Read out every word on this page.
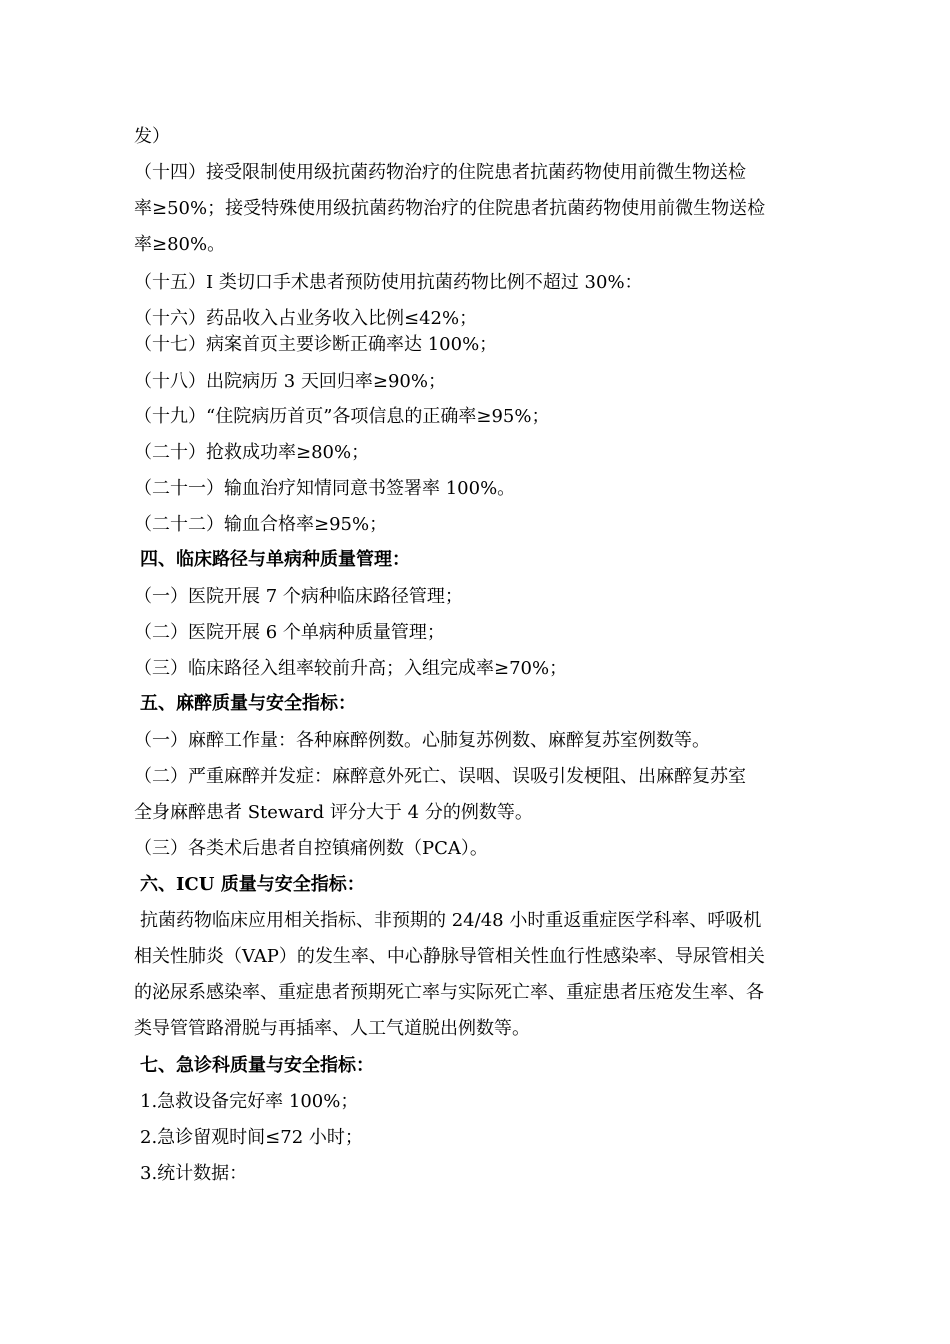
发）
（十四）接受限制使用级抗菌药物治疗的住院患者抗菌药物使用前微生物送检
率≥50%；接受特殊使用级抗菌药物治疗的住院患者抗菌药物使用前微生物送检
率≥80%。
（十五）I 类切口手术患者预防使用抗菌药物比例不超过 30%：
（十六）药品收入占业务收入比例≤42%；
（十七）病案首页主要诊断正确率达 100%；
（十八）出院病历 3 天回归率≥90%；
（十九）“住院病历首页”各项信息的正确率≥95%；
（二十）抢救成功率≥80%；
（二十一）输血治疗知情同意书签署率 100%。
（二十二）输血合格率≥95%；
四、临床路径与单病种质量管理：
（一）医院开展 7 个病种临床路径管理；
（二）医院开展 6 个单病种质量管理；
（三）临床路径入组率较前升高；入组完成率≥70%；
五、麻醉质量与安全指标：
（一）麻醉工作量：各种麻醉例数。心肺复苏例数、麻醉复苏室例数等。
（二）严重麻醉并发症：麻醉意外死亡、误咽、误吸引发梗阻、出麻醉复苏室
全身麻醉患者 Steward 评分大于 4 分的例数等。
（三）各类术后患者自控镇痛例数（PCA）。
六、ICU 质量与安全指标：
抗菌药物临床应用相关指标、非预期的 24/48 小时重返重症医学科率、呼吸机
相关性肺炎（VAP）的发生率、中心静脉导管相关性血行性感染率、导尿管相关
的泌尿系感染率、重症患者预期死亡率与实际死亡率、重症患者压疮发生率、各
类导管管路滑脱与再插率、人工气道脱出例数等。
七、急诊科质量与安全指标：
1.急救设备完好率 100%；
2.急诊留观时间≤72 小时；
3.统计数据：
